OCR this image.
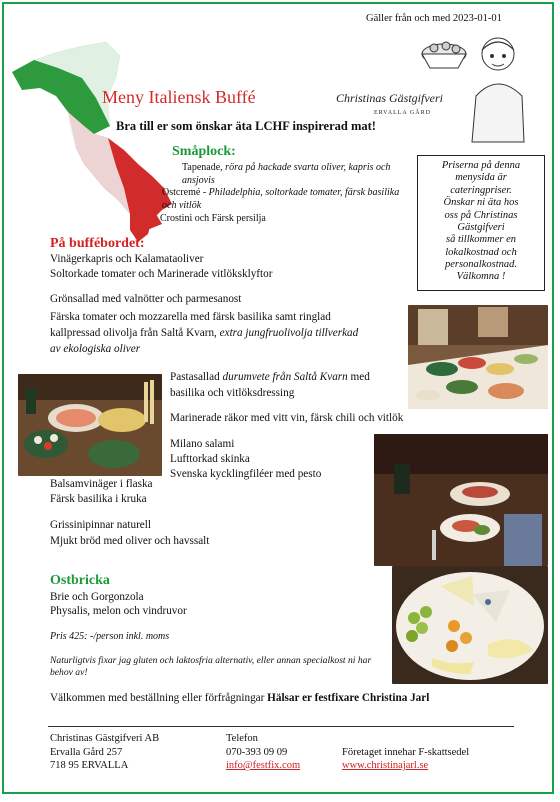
Gäller från och med 2023-01-01
Meny Italiensk Buffé	Christinas Gästgifveri
ERVALLA GÅRD
Bra till er som önskar äta LCHF inspirerad mat!
Priserna på denna
menysida är
cateringpriser.
Önskar ni äta hos
oss på Christinas
Gästgifveri
så tillkommer en
lokalkostnad och
personalkostnad.
Välkomna !
Småplock:
Tapenade, röra på hackade svarta oliver, kapris och ansjovis
Ostcremé - Philadelphia, soltorkade tomater, färsk basilika och vitlök
Crostini och Färsk persilja
På buffébordet:
Vinägerkapris och Kalamataoliver
Soltorkade tomater och Marinerade vitlöksklyftor
Grönsallad med valnötter och parmesanost
Färska tomater och mozzarella med färsk basilika samt ringlad
kallpressad olivolja från Saltå Kvarn, extra jungfruolivolja tillverkad
av ekologiska oliver
Pastasallad durumvete från Saltå Kvarn med
basilika och vitlöksdressing
Marinerade räkor med vitt vin, färsk chili och vitlök
Milano salami
Lufttorkad skinka
Svenska kycklingfiléer med pesto
Balsamvinäger i flaska
Färsk basilika i kruka
Grissinipinnar naturell
Mjukt bröd med oliver och havssalt
Ostbricka
Brie och Gorgonzola
Physalis, melon och vindruvor
Pris 425: -/person inkl. moms
Naturligtvis fixar jag gluten och laktosfria alternativ, eller annan specialkost ni har behov av!
Välkommen med beställning eller förfrågningar Hälsar er festfixare Christina Jarl
Christinas Gästgifveri AB
Ervalla Gård 257
718 95 ERVALLA
Telefon
070-393 09 09
info@festfix.com
Företaget innehar F-skattsedel
www.christinajarl.se
